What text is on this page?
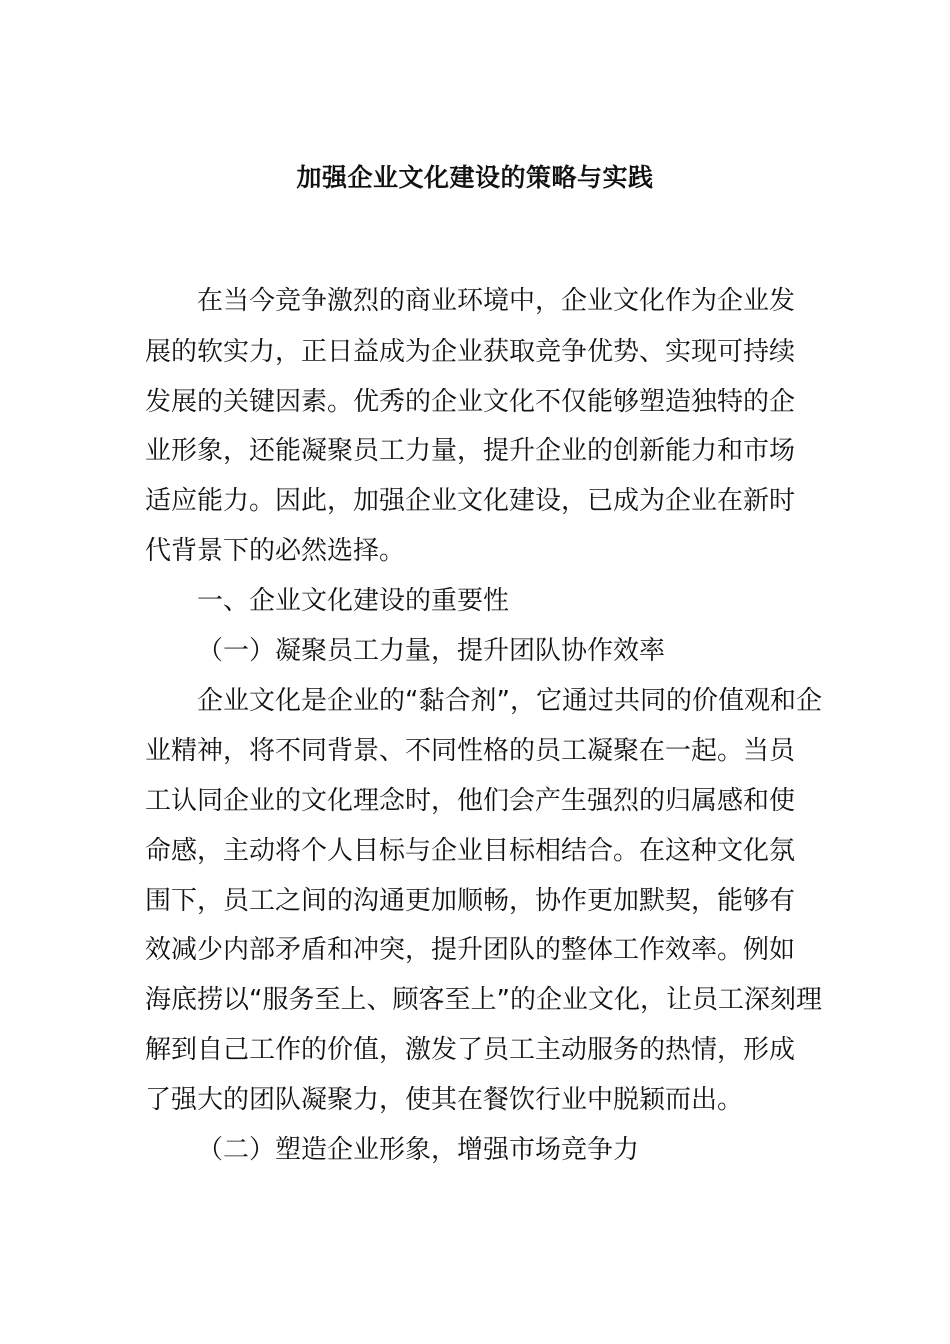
加强企业文化建设的策略与实践
在当今竞争激烈的商业环境中，企业文化作为企业发
展的软实力，正日益成为企业获取竞争优势、实现可持续
发展的关键因素。优秀的企业文化不仅能够塑造独特的企
业形象，还能凝聚员工力量，提升企业的创新能力和市场
适应能力。因此，加强企业文化建设，已成为企业在新时
代背景下的必然选择。
一、企业文化建设的重要性
（一）凝聚员工力量，提升团队协作效率
企业文化是企业的“黏合剂”，它通过共同的价值观和企
业精神，将不同背景、不同性格的员工凝聚在一起。当员
工认同企业的文化理念时，他们会产生强烈的归属感和使
命感，主动将个人目标与企业目标相结合。在这种文化氛
围下，员工之间的沟通更加顺畅，协作更加默契，能够有
效减少内部矛盾和冲突，提升团队的整体工作效率。例如
海底捞以“服务至上、顾客至上”的企业文化，让员工深刻理
解到自己工作的价值，激发了员工主动服务的热情，形成
了强大的团队凝聚力，使其在餐饮行业中脱颖而出。
（二）塑造企业形象，增强市场竞争力
